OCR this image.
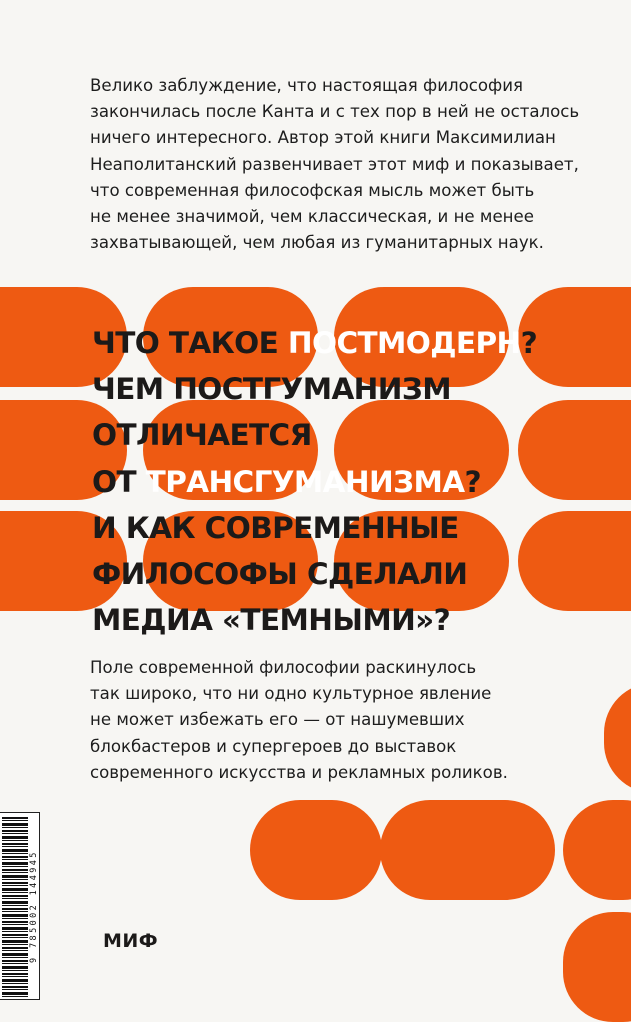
Велико заблуждение, что настоящая философия

закончилась после Канта и с тех пор в ней не осталось

ничего интересного. Автор этой книги Максимилиан

Неаполитанский развенчивает этот миф и показывает,

что современная философская мысль может быть

не менее значимой, чем классическая, и не менее

захватывающей, чем любая из гуманитарных наук.

ЧТО ТАКОЕ ПОСТМОДЕРН?
ЧЕМ ПОСТГУМАНИЗМ
ОТЛИЧАЕТСЯ
ОТ ТРАНСГУМАНИЗМА?
И КАК СОВРЕМЕННЫЕ
ФИЛОСОФЫ СДЕЛАЛИ
МЕДИА «ТЕМНЫМИ»?

Поле современной философии раскинулось

так широко, что ни одно культурное явление

не может избежать его — от нашумевших

блокбастеров и супергероев до выставок

современного искусства и рекламных роликов.

9 785002 144945	МИФ
